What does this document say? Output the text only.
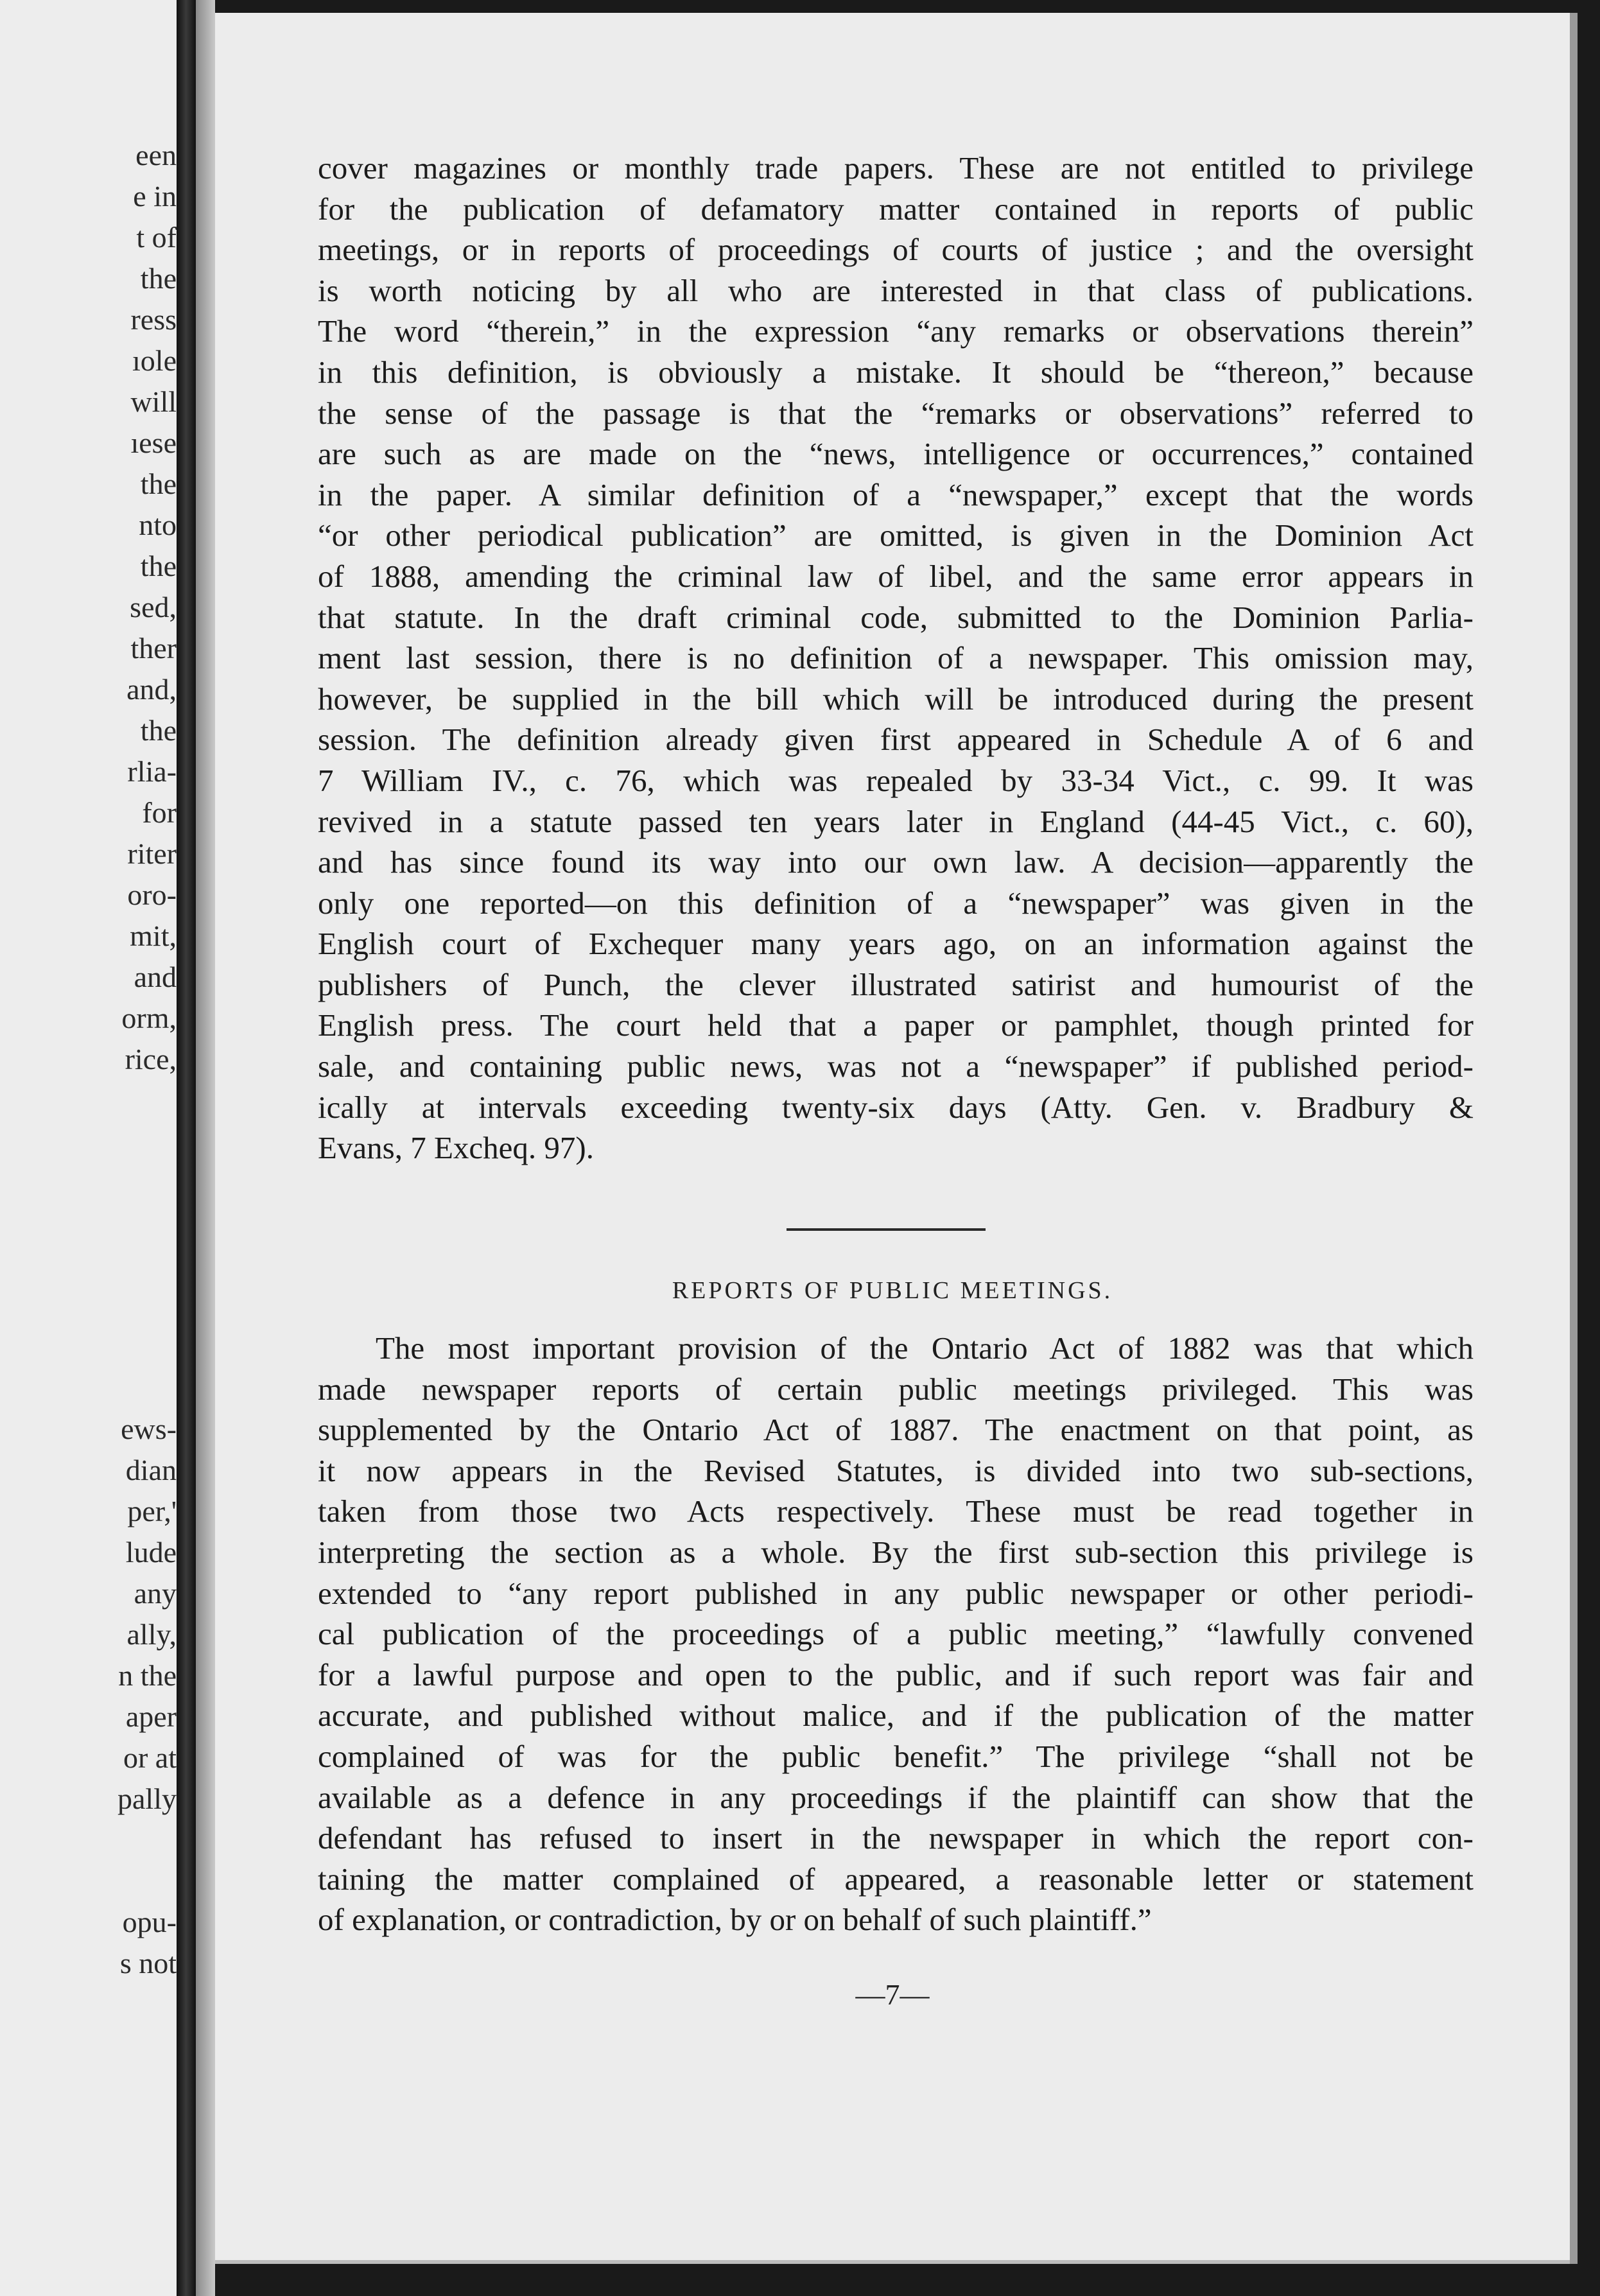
een
e in
t of
the
ress
ıole
will
ıese
the
nto
the
sed,
ther
and,
the
rlia-
for
riter
oro-
mit,
and
orm,
rice,
ews-
dian
per,'
lude
any
ally,
n the
aper
or at
pally
opu-
s not
cover magazines or monthly trade papers. These are not entitled to privilege
for the publication of defamatory matter contained in reports of public
meetings, or in reports of proceedings of courts of justice ; and the oversight
is worth noticing by all who are interested in that class of publications.
The word “therein,” in the expression “any remarks or observations therein”
in this definition, is obviously a mistake. It should be “thereon,” because
the sense of the passage is that the “remarks or observations” referred to
are such as are made on the “news, intelligence or occurrences,” contained
in the paper. A similar definition of a “newspaper,” except that the words
“or other periodical publication” are omitted, is given in the Dominion Act
of 1888, amending the criminal law of libel, and the same error appears in
that statute. In the draft criminal code, submitted to the Dominion Parlia-
ment last session, there is no definition of a newspaper. This omission may,
however, be supplied in the bill which will be introduced during the present
session. The definition already given first appeared in Schedule A of 6 and
7 William IV., c. 76, which was repealed by 33-34 Vict., c. 99. It was
revived in a statute passed ten years later in England (44-45 Vict., c. 60),
and has since found its way into our own law. A decision—apparently the
only one reported—on this definition of a “newspaper” was given in the
English court of Exchequer many years ago, on an information against the
publishers of Punch, the clever illustrated satirist and humourist of the
English press. The court held that a paper or pamphlet, though printed for
sale, and containing public news, was not a “newspaper” if published period-
ically at intervals exceeding twenty-six days (Atty. Gen. v. Bradbury &
Evans, 7 Excheq. 97).
REPORTS OF PUBLIC MEETINGS.
The most important provision of the Ontario Act of 1882 was that which
made newspaper reports of certain public meetings privileged. This was
supplemented by the Ontario Act of 1887. The enactment on that point, as
it now appears in the Revised Statutes, is divided into two sub-sections,
taken from those two Acts respectively. These must be read together in
interpreting the section as a whole. By the first sub-section this privilege is
extended to “any report published in any public newspaper or other periodi-
cal publication of the proceedings of a public meeting,” “lawfully convened
for a lawful purpose and open to the public, and if such report was fair and
accurate, and published without malice, and if the publication of the matter
complained of was for the public benefit.” The privilege “shall not be
available as a defence in any proceedings if the plaintiff can show that the
defendant has refused to insert in the newspaper in which the report con-
taining the matter complained of appeared, a reasonable letter or statement
of explanation, or contradiction, by or on behalf of such plaintiff.”
—7—
